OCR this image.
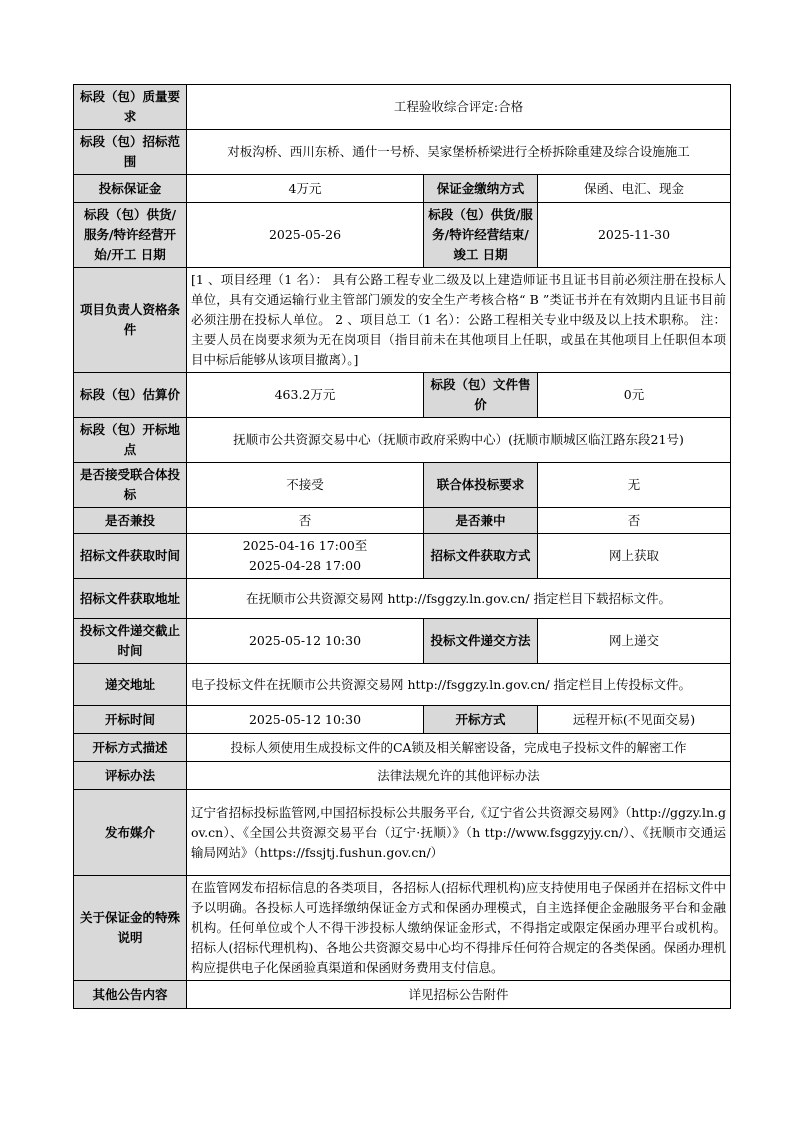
标段（包）质量要求	工程验收综合评定:合格		
标段（包）招标范围	对板沟桥、西川东桥、通什一号桥、吴家堡桥桥梁进行全桥拆除重建及综合设施施工		
投标保证金	4万元	保证金缴纳方式	保函、电汇、现金
标段（包）供货/服务/特许经营开始/开工 日期	2025-05-26	标段（包）供货/服务/特许经营结束/竣工 日期	2025-11-30
项目负责人资格条件	[1 、项目经理（1 名）： 具有公路工程专业二级及以上建造师证书且证书目前必须注册在投标人单位，具有交通运输行业主管部门颁发的安全生产考核合格“ B ”类证书并在有效期内且证书目前必须注册在投标人单位。 2 、项目总工（1 名）：公路工程相关专业中级及以上技术职称。 注：主要人员在岗要求须为无在岗项目（指目前未在其他项目上任职，或虽在其他项目上任职但本项目中标后能够从该项目撤离）。]		
标段（包）估算价	463.2万元	标段（包）文件售价	0元
标段（包）开标地点	抚顺市公共资源交易中心（抚顺市政府采购中心）(抚顺市顺城区临江路东段21号)		
是否接受联合体投标	不接受	联合体投标要求	无
是否兼投	否	是否兼中	否
招标文件获取时间	2025-04-16 17:00至
2025-04-28 17:00	招标文件获取方式	网上获取
招标文件获取地址	在抚顺市公共资源交易网 http://fsggzy.ln.gov.cn/ 指定栏目下载招标文件。		
投标文件递交截止时间	2025-05-12 10:30	投标文件递交方法	网上递交
递交地址	电子投标文件在抚顺市公共资源交易网 http://fsggzy.ln.gov.cn/ 指定栏目上传投标文件。		
开标时间	2025-05-12 10:30	开标方式	远程开标(不见面交易)
开标方式描述	投标人须使用生成投标文件的CA锁及相关解密设备，完成电子投标文件的解密工作		
评标办法	法律法规允许的其他评标办法		
发布媒介	辽宁省招标投标监管网,中国招标投标公共服务平台,《辽宁省公共资源交易网》（http://ggzy.ln.gov.cn）、《全国公共资源交易平台（辽宁·抚顺）》（h ttp://www.fsggzyjy.cn/）、《抚顺市交通运输局网站》（https://fssjtj.fushun.gov.cn/）		
关于保证金的特殊说明	在监管网发布招标信息的各类项目，各招标人(招标代理机构)应支持使用电子保函并在招标文件中予以明确。各投标人可选择缴纳保证金方式和保函办理模式，自主选择便企金融服务平台和金融机构。任何单位或个人不得干涉投标人缴纳保证金形式，不得指定或限定保函办理平台或机构。招标人(招标代理机构)、各地公共资源交易中心均不得排斥任何符合规定的各类保函。保函办理机构应提供电子化保函验真渠道和保函财务费用支付信息。		
其他公告内容	详见招标公告附件		
